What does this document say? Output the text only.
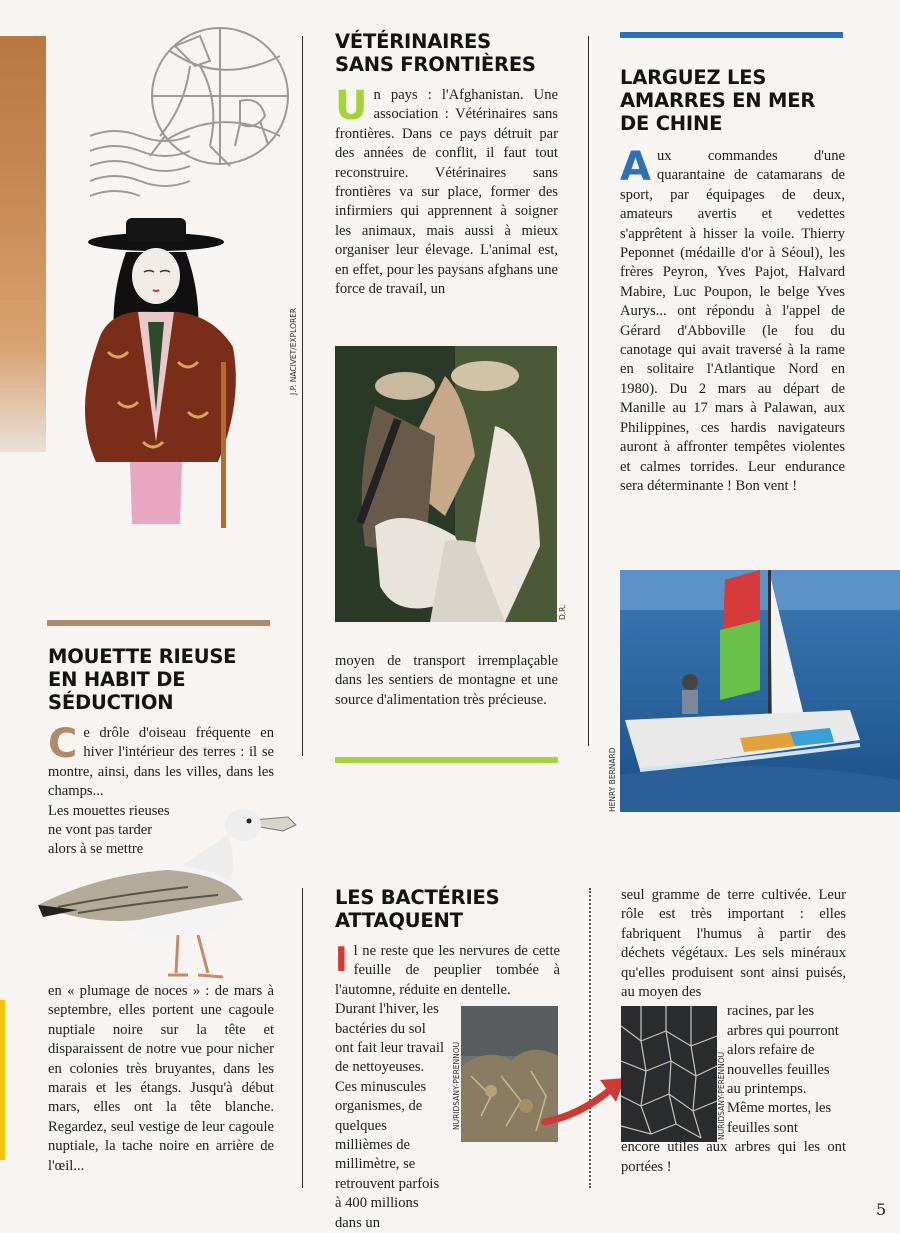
J.P. NACIVET/EXPLORER
VÉTÉRINAIRES
SANS FRONTIÈRES

Un pays : l'Afghanistan. Une association : Vétérinaires sans frontières. Dans ce pays détruit par des années de conflit, il faut tout reconstruire. Vétérinaires sans frontières va sur place, former des infirmiers qui apprennent à soigner les animaux, mais aussi à mieux organiser leur élevage. L'animal est, en effet, pour les paysans afghans une force de travail, un

D.R.

moyen de transport irremplaçable dans les sentiers de montagne et une source d'alimentation très précieuse.

LARGUEZ LES
AMARRES EN MER
DE CHINE

Aux commandes d'une quarantaine de catamarans de sport, par équipages de deux, amateurs avertis et vedettes s'apprêtent à hisser la voile. Thierry Peponnet (médaille d'or à Séoul), les frères Peyron, Yves Pajot, Halvard Mabire, Luc Poupon, le belge Yves Aurys... ont répondu à l'appel de Gérard d'Abboville (le fou du canotage qui avait traversé à la rame en solitaire l'Atlantique Nord en 1980). Du 2 mars au départ de Manille au 17 mars à Palawan, aux Philippines, ces hardis navigateurs auront à affronter tempêtes violentes et calmes torrides. Leur endurance sera déterminante ! Bon vent !

HENRY BERNARD
MOUETTE RIEUSE
EN HABIT DE
SÉDUCTION

Ce drôle d'oiseau fréquente en hiver l'intérieur des terres : il se montre, ainsi, dans les villes, dans les champs...

Les mouettes rieuses ne vont pas tarder alors à se mettre

en « plumage de noces » : de mars à septembre, elles portent une cagoule nuptiale noire sur la tête et disparaissent de notre vue pour nicher en colonies très bruyantes, dans les marais et les étangs. Jusqu'à début mars, elles ont la tête blanche. Regardez, seul vestige de leur cagoule nuptiale, la tache noire en arrière de l'œil...

LES BACTÉRIES
ATTAQUENT

Il ne reste que les nervures de cette feuille de peuplier tombée à l'automne, réduite en dentelle.

Durant l'hiver, les bactéries du sol ont fait leur travail de nettoyeuses. Ces minuscules organismes, de quelques millièmes de millimètre, se retrouvent parfois à 400 millions dans un

NURIDSANY-PERENNOU	NURIDSANY-PERENNOU

seul gramme de terre cultivée. Leur rôle est très important : elles fabriquent l'humus à partir des déchets végétaux. Les sels minéraux qu'elles produisent sont ainsi puisés, au moyen des

racines, par les arbres qui pourront alors refaire de nouvelles feuilles au printemps. Même mortes, les feuilles sont

encore utiles aux arbres qui les ont portées !

5
